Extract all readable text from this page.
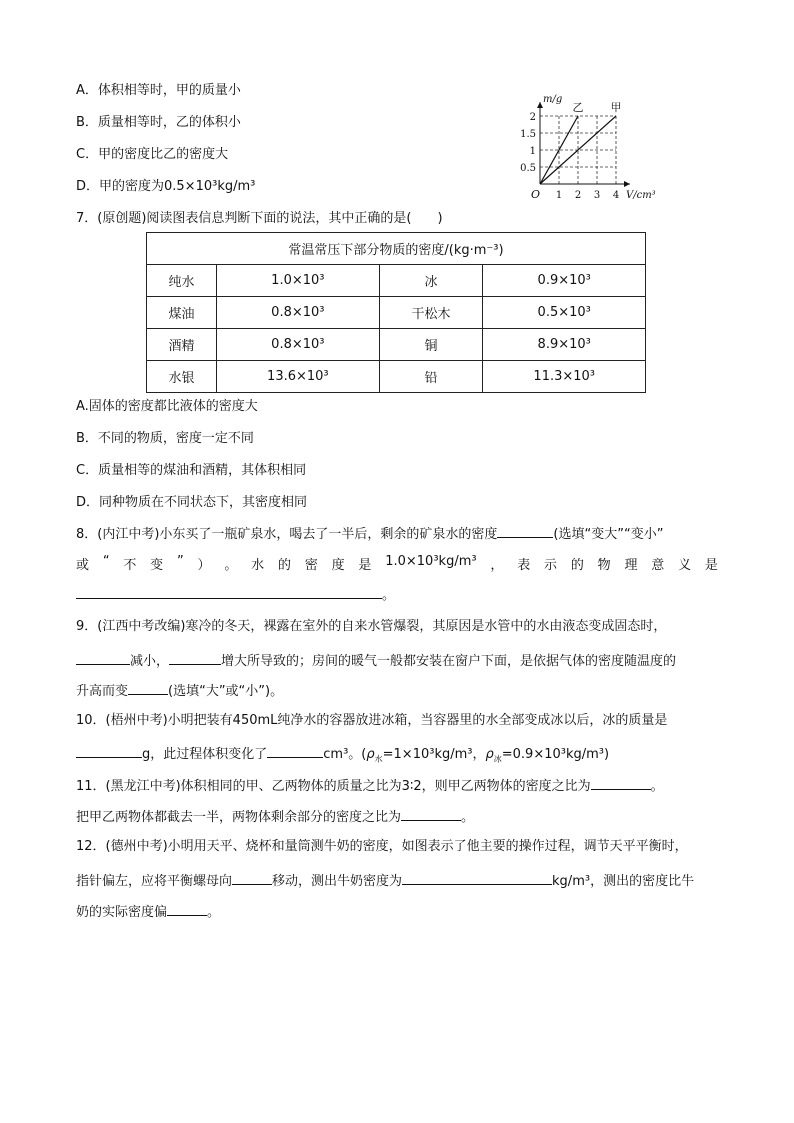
A．体积相等时，甲的质量小
B．质量相等时，乙的体积小
C．甲的密度比乙的密度大
D．甲的密度为0.5×10³kg/m³
0.5
1
1.5
2
1 2 3 4
甲
乙
O
m/g
V/cm³
7．(原创题)阅读图表信息判断下面的说法，其中正确的是(　　)
常温常压下部分物质的密度/(kg·m⁻³)			
纯水	1.0×10³	冰	0.9×10³
煤油	0.8×10³	干松木	0.5×10³
酒精	0.8×10³	铜	8.9×10³
水银	13.6×10³	铅	11.3×10³
A.固体的密度都比液体的密度大
B．不同的物质，密度一定不同
C．质量相等的煤油和酒精，其体积相同
D．同种物质在不同状态下，其密度相同
8．(内江中考)小东买了一瓶矿泉水，喝去了一半后，剩余的矿泉水的密度	(选填“变大”“变小”
或 “ 不 变 ” ） 。 水 的 密 度 是 1.0×10³kg/m³ ， 表 示 的 物 理 意 义 是
。
9．(江西中考改编)寒冷的冬天，裸露在室外的自来水管爆裂，其原因是水管中的水由液态变成固态时，
减小，	增大所导致的；房间的暖气一般都安装在窗户下面，是依据气体的密度随温度的
升高而变	(选填“大”或“小”)。
10．(梧州中考)小明把装有450mL纯净水的容器放进冰箱，当容器里的水全部变成冰以后，冰的质量是
g，此过程体积变化了	cm³。($\rho_水=1\times 10^3kg/m^3$，$\rho_冰=0.9\times 10^3kg/m^3$)
11．(黑龙江中考)体积相同的甲、乙两物体的质量之比为3∶2，则甲乙两物体的密度之比为	。
把甲乙两物体都截去一半，两物体剩余部分的密度之比为	。
12．(德州中考)小明用天平、烧杯和量筒测牛奶的密度，如图表示了他主要的操作过程，调节天平平衡时，
指针偏左，应将平衡螺母向	移动，测出牛奶密度为	kg/m³，测出的密度比牛
奶的实际密度偏	。
